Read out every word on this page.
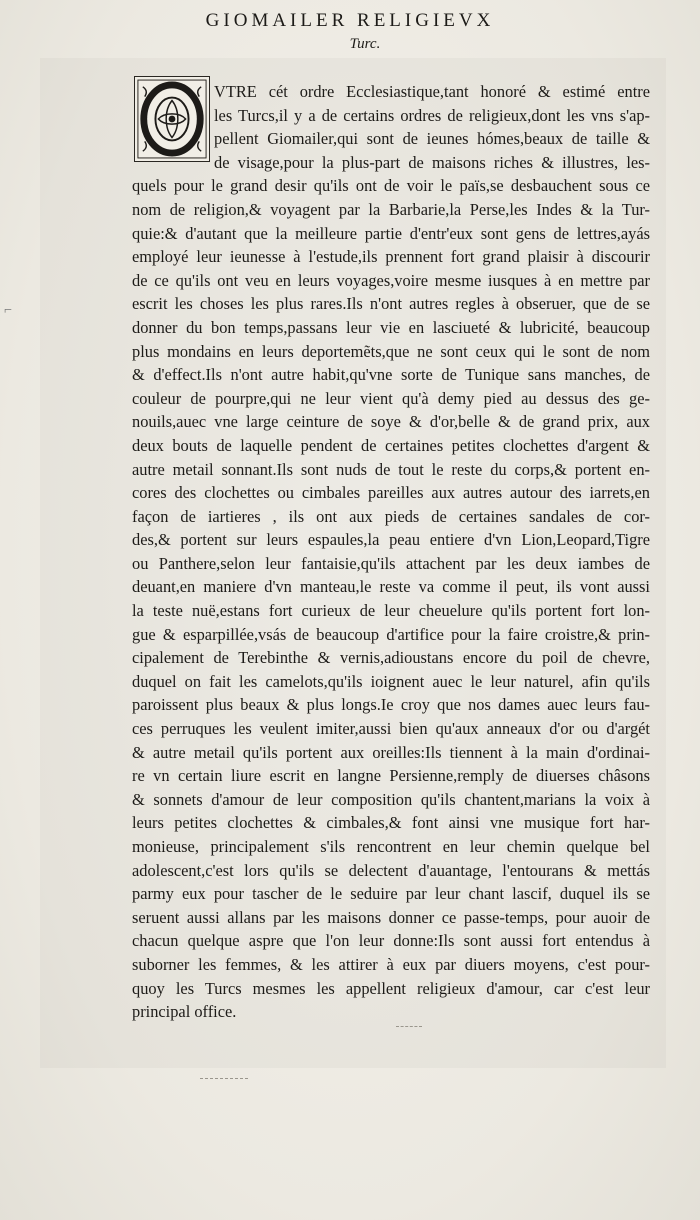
GIOMAILER RELIGIEVX
Turc.
VTRE cét ordre Ecclesiastique,tant honoré & estimé entre
les Turcs,il y a de certains ordres de religieux,dont les vns s'ap-
pellent Giomailer,qui sont de ieunes hómes,beaux de taille &
de visage,pour la plus-part de maisons riches & illustres, les-
quels pour le grand desir qu'ils ont de voir le païs,se desbauchent sous ce
nom de religion,& voyagent par la Barbarie,la Perse,les Indes & la Tur-
quie:& d'autant que la meilleure partie d'entr'eux sont gens de lettres,ayás
employé leur ieunesse à l'estude,ils prennent fort grand plaisir à discourir
de ce qu'ils ont veu en leurs voyages,voire mesme iusques à en mettre par
escrit les choses les plus rares.Ils n'ont autres regles à obseruer, que de se
donner du bon temps,passans leur vie en lasciueté & lubricité, beaucoup
plus mondains en leurs deportemẽts,que ne sont ceux qui le sont de nom
& d'effect.Ils n'ont autre habit,qu'vne sorte de Tunique sans manches, de
couleur de pourpre,qui ne leur vient qu'à demy pied au dessus des ge-
nouils,auec vne large ceinture de soye & d'or,belle & de grand prix, aux
deux bouts de laquelle pendent de certaines petites clochettes d'argent &
autre metail sonnant.Ils sont nuds de tout le reste du corps,& portent en-
cores des clochettes ou cimbales pareilles aux autres autour des iarrets,en
façon de iartieres , ils ont aux pieds de certaines sandales de cor-
des,& portent sur leurs espaules,la peau entiere d'vn Lion,Leopard,Tigre
ou Panthere,selon leur fantaisie,qu'ils attachent par les deux iambes de
deuant,en maniere d'vn manteau,le reste va comme il peut, ils vont aussi
la teste nuë,estans fort curieux de leur cheuelure qu'ils portent fort lon-
gue & esparpillée,vsás de beaucoup d'artifice pour la faire croistre,& prin-
cipalement de Terebinthe & vernis,adioustans encore du poil de chevre,
duquel on fait les camelots,qu'ils ioignent auec le leur naturel, afin qu'ils
paroissent plus beaux & plus longs.Ie croy que nos dames auec leurs fau-
ces perruques les veulent imiter,aussi bien qu'aux anneaux d'or ou d'argét
& autre metail qu'ils portent aux oreilles:Ils tiennent à la main d'ordinai-
re vn certain liure escrit en langne Persienne,remply de diuerses châsons
& sonnets d'amour de leur composition qu'ils chantent,marians la voix à
leurs petites clochettes & cimbales,& font ainsi vne musique fort har-
monieuse, principalement s'ils rencontrent en leur chemin quelque bel
adolescent,c'est lors qu'ils se delectent d'auantage, l'entourans & mettás
parmy eux pour tascher de le seduire par leur chant lascif, duquel ils se
seruent aussi allans par les maisons donner ce passe-temps, pour auoir de
chacun quelque aspre que l'on leur donne:Ils sont aussi fort entendus à
suborner les femmes, & les attirer à eux par diuers moyens, c'est pour-
quoy les Turcs mesmes les appellent religieux d'amour, car c'est leur
principal office.
⌐
